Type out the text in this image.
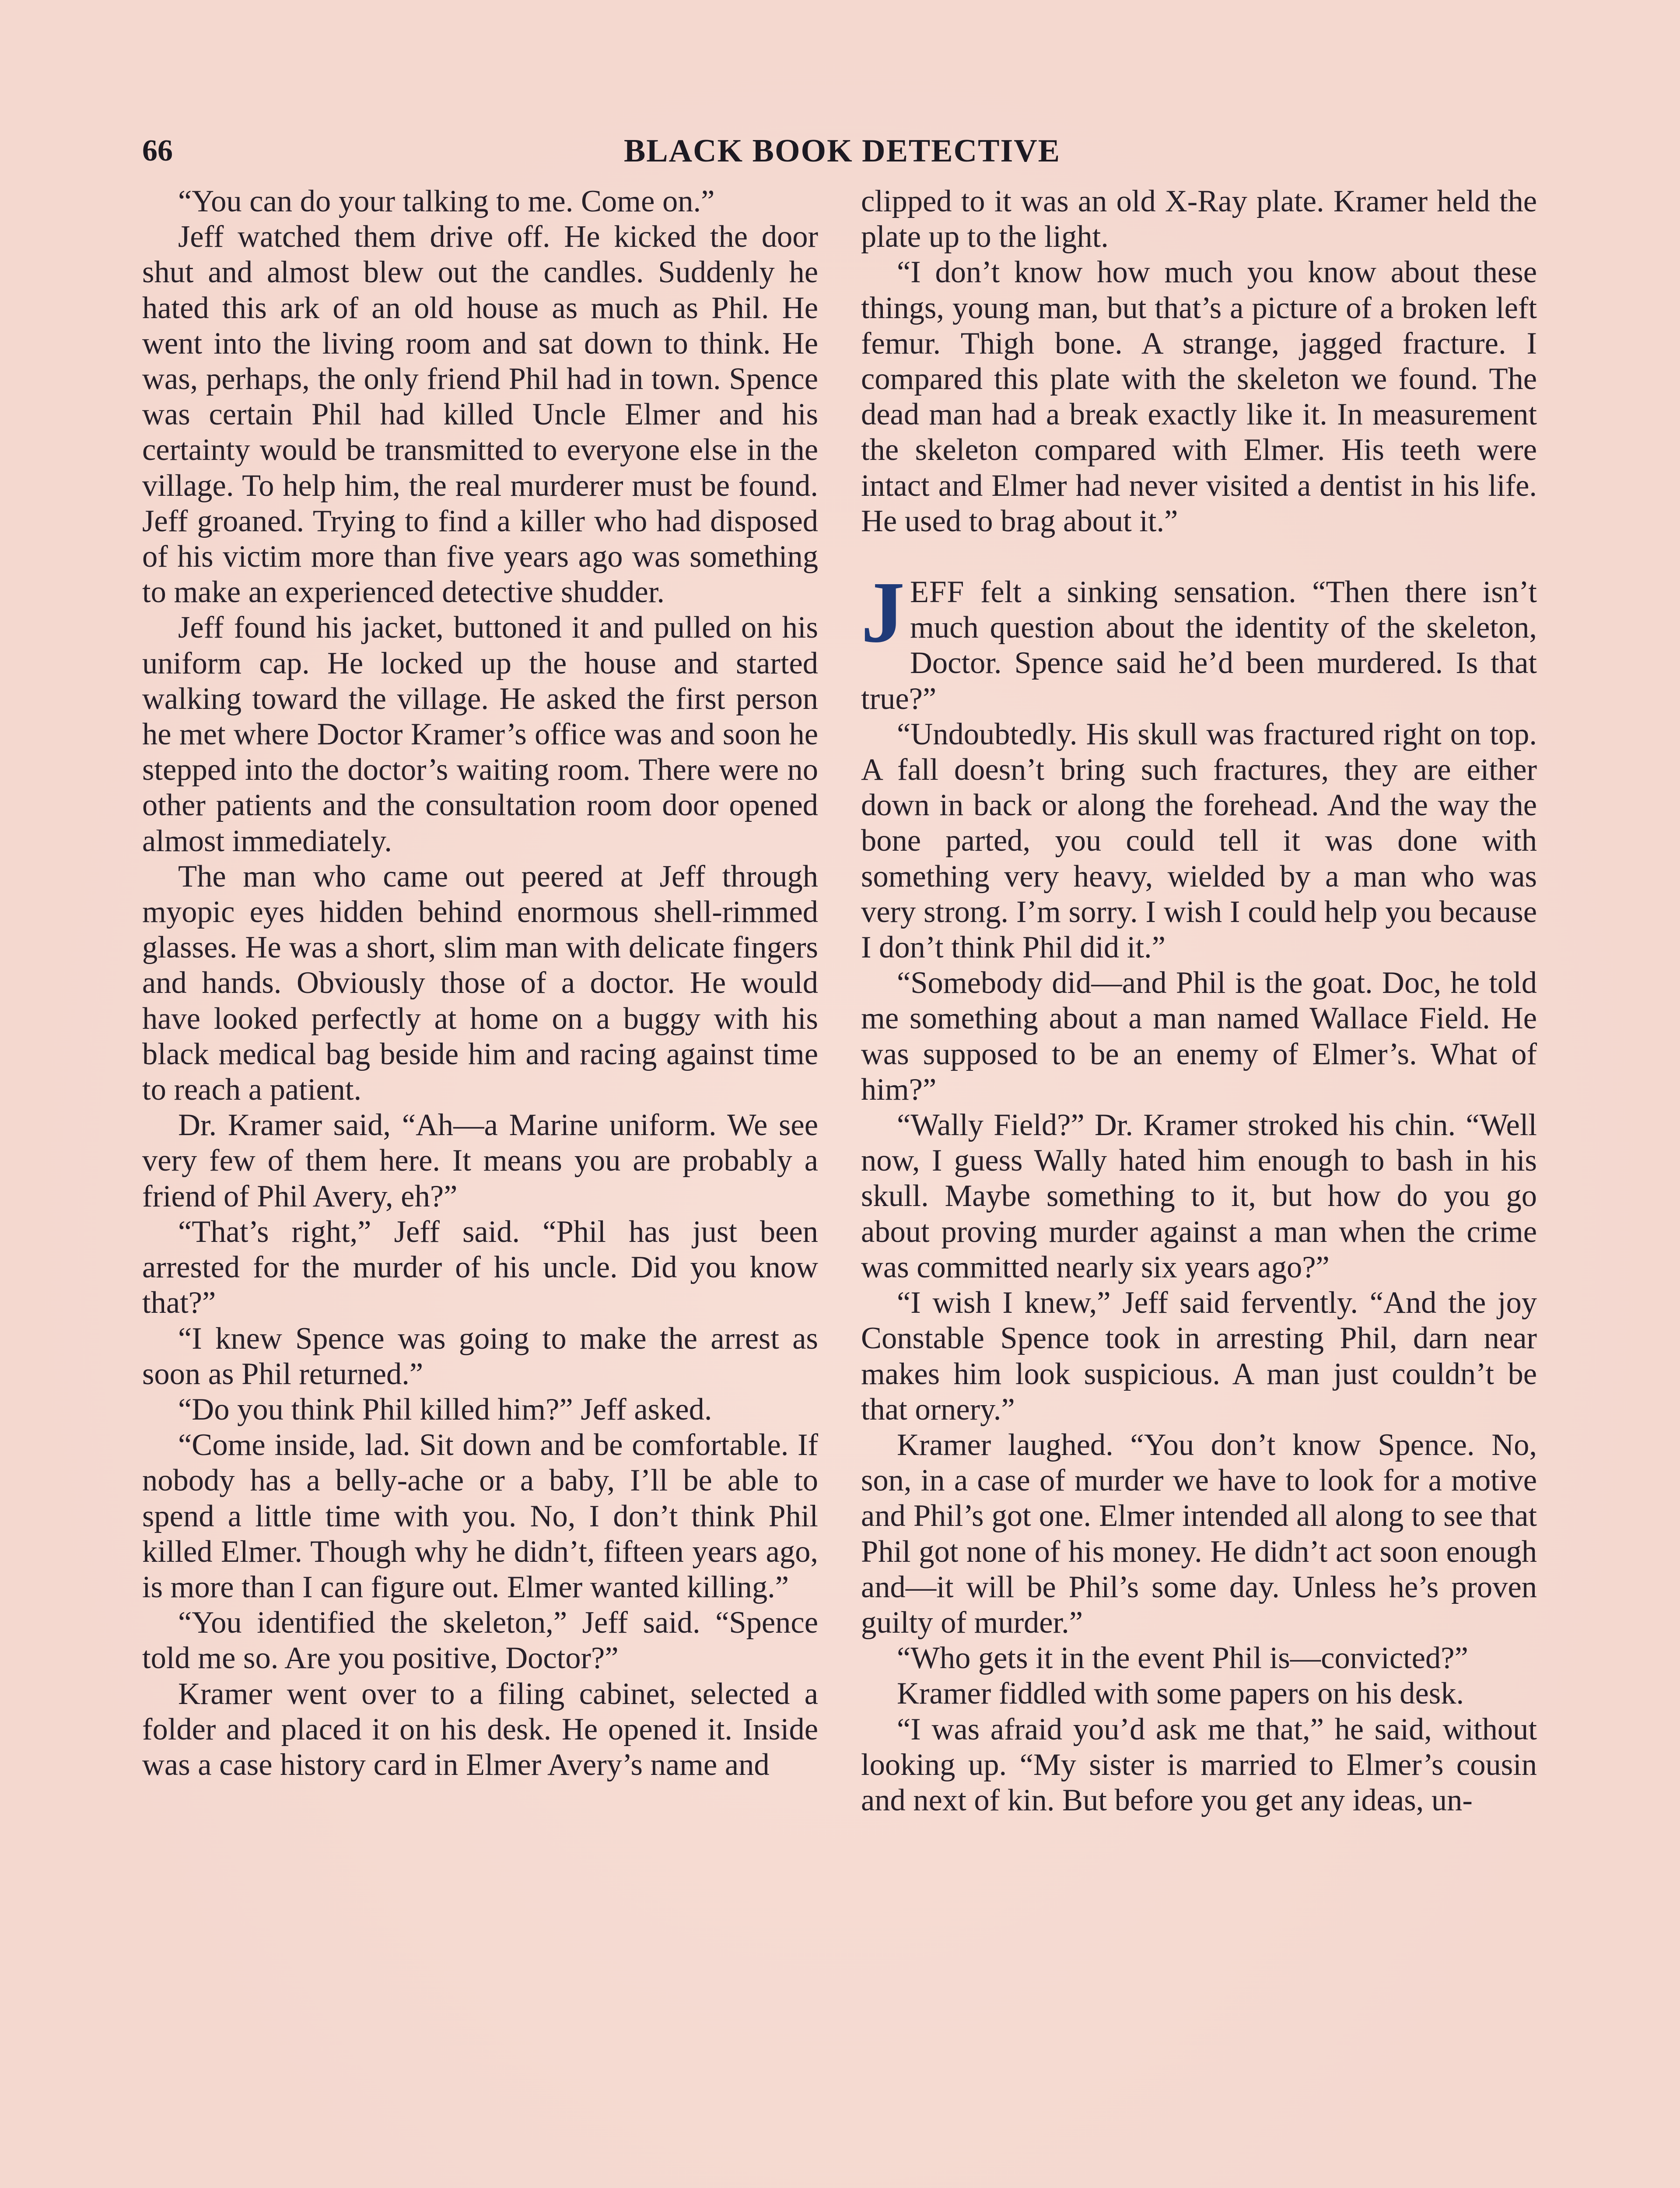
66	BLACK BOOK DETECTIVE

“You can do your talking to me. Come on.”

Jeff watched them drive off. He kicked the door shut and almost blew out the candles. Suddenly he hated this ark of an old house as much as Phil. He went into the living room and sat down to think. He was, perhaps, the only friend Phil had in town. Spence was certain Phil had killed Uncle Elmer and his certainty would be transmitted to everyone else in the village. To help him, the real murderer must be found. Jeff groaned. Trying to find a killer who had disposed of his victim more than five years ago was something to make an experienced detective shudder.

Jeff found his jacket, buttoned it and pulled on his uniform cap. He locked up the house and started walking toward the village. He asked the first person he met where Doctor Kramer’s office was and soon he stepped into the doctor’s waiting room. There were no other patients and the consultation room door opened almost immediately.

The man who came out peered at Jeff through myopic eyes hidden behind enormous shell-rimmed glasses. He was a short, slim man with delicate fingers and hands. Obviously those of a doctor. He would have looked perfectly at home on a buggy with his black medical bag beside him and racing against time to reach a patient.

Dr. Kramer said, “Ah—a Marine uniform. We see very few of them here. It means you are probably a friend of Phil Avery, eh?”

“That’s right,” Jeff said. “Phil has just been arrested for the murder of his uncle. Did you know that?”

“I knew Spence was going to make the arrest as soon as Phil returned.”

“Do you think Phil killed him?” Jeff asked.

“Come inside, lad. Sit down and be comfortable. If nobody has a belly-ache or a baby, I’ll be able to spend a little time with you. No, I don’t think Phil killed Elmer. Though why he didn’t, fifteen years ago, is more than I can figure out. Elmer wanted killing.”

“You identified the skeleton,” Jeff said. “Spence told me so. Are you positive, Doctor?”

Kramer went over to a filing cabinet, selected a folder and placed it on his desk. He opened it. Inside was a case history card in Elmer Avery’s name and

clipped to it was an old X-Ray plate. Kramer held the plate up to the light.

“I don’t know how much you know about these things, young man, but that’s a picture of a broken left femur. Thigh bone. A strange, jagged fracture. I compared this plate with the skeleton we found. The dead man had a break exactly like it. In measurement the skeleton compared with Elmer. His teeth were intact and Elmer had never visited a dentist in his life. He used to brag about it.”

JEFF felt a sinking sensation. “Then there isn’t much question about the identity of the skeleton, Doctor. Spence said he’d been murdered. Is that true?”

“Undoubtedly. His skull was fractured right on top. A fall doesn’t bring such fractures, they are either down in back or along the forehead. And the way the bone parted, you could tell it was done with something very heavy, wielded by a man who was very strong. I’m sorry. I wish I could help you because I don’t think Phil did it.”

“Somebody did—and Phil is the goat. Doc, he told me something about a man named Wallace Field. He was supposed to be an enemy of Elmer’s. What of him?”

“Wally Field?” Dr. Kramer stroked his chin. “Well now, I guess Wally hated him enough to bash in his skull. Maybe something to it, but how do you go about proving murder against a man when the crime was committed nearly six years ago?”

“I wish I knew,” Jeff said fervently. “And the joy Constable Spence took in arresting Phil, darn near makes him look suspicious. A man just couldn’t be that ornery.”

Kramer laughed. “You don’t know Spence. No, son, in a case of murder we have to look for a motive and Phil’s got one. Elmer intended all along to see that Phil got none of his money. He didn’t act soon enough and—it will be Phil’s some day. Unless he’s proven guilty of murder.”

“Who gets it in the event Phil is—convicted?”

Kramer fiddled with some papers on his desk.

“I was afraid you’d ask me that,” he said, without looking up. “My sister is married to Elmer’s cousin and next of kin. But before you get any ideas, un-
